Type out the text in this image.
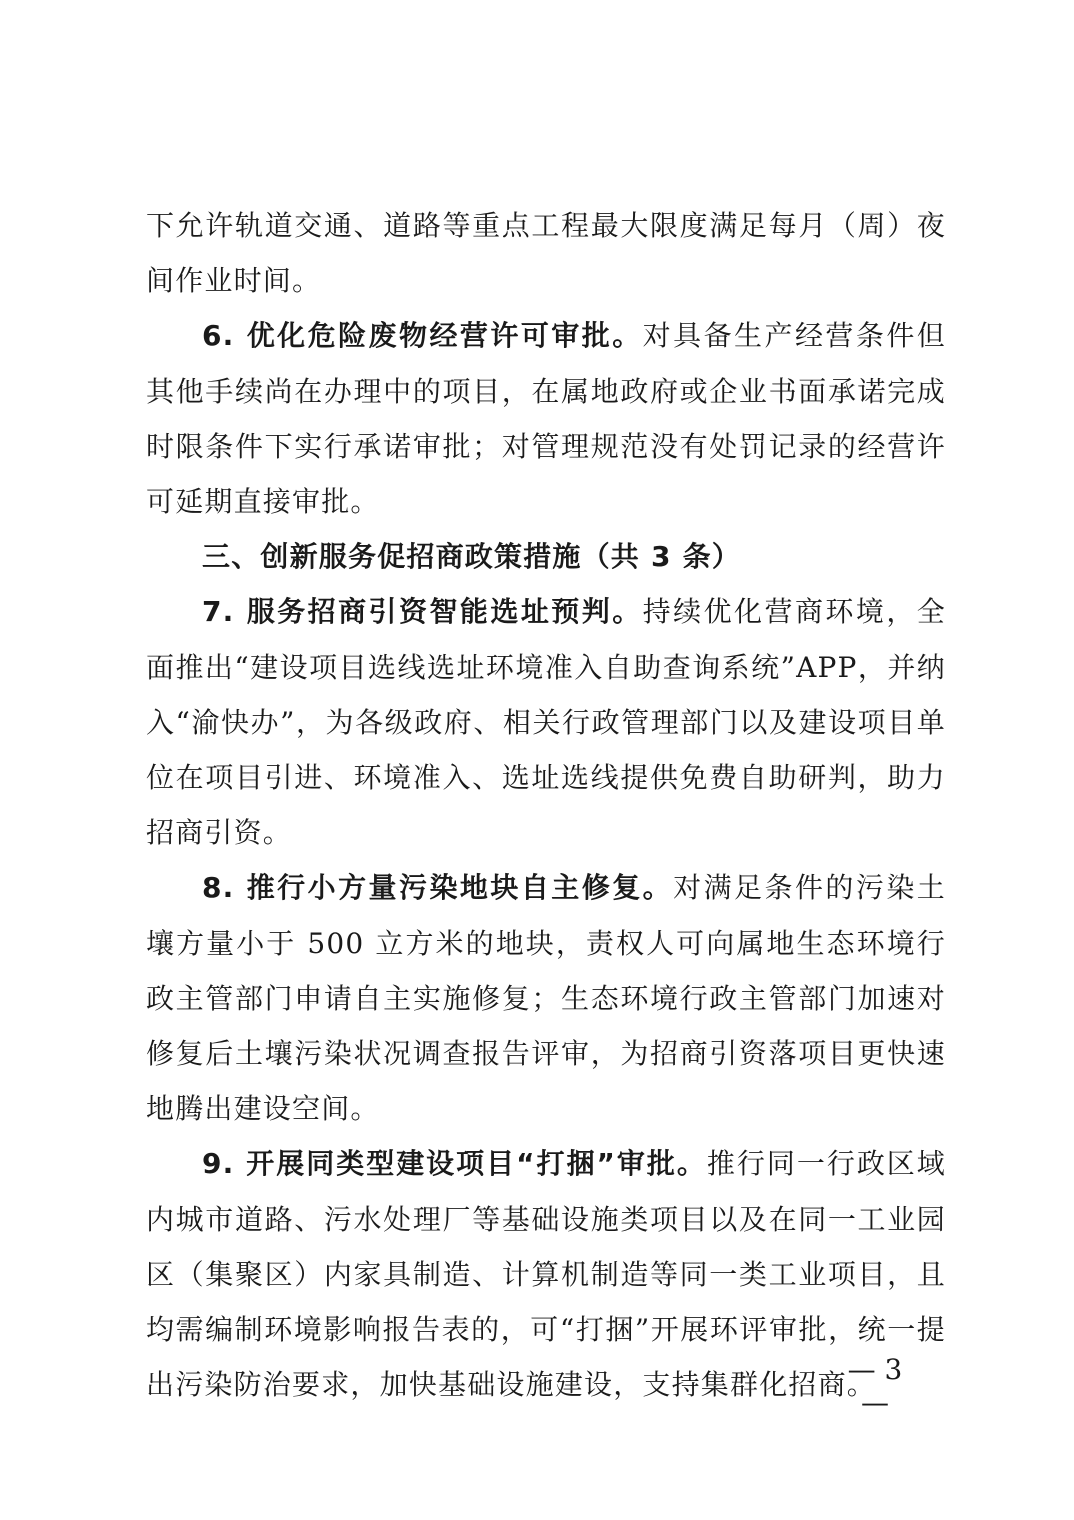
下允许轨道交通、道路等重点工程最大限度满足每月（周）夜间作业时间。

6. 优化危险废物经营许可审批。对具备生产经营条件但其他手续尚在办理中的项目，在属地政府或企业书面承诺完成时限条件下实行承诺审批；对管理规范没有处罚记录的经营许可延期直接审批。

三、创新服务促招商政策措施（共 3 条）

7. 服务招商引资智能选址预判。持续优化营商环境，全面推出“建设项目选线选址环境准入自助查询系统”APP，并纳入“渝快办”，为各级政府、相关行政管理部门以及建设项目单位在项目引进、环境准入、选址选线提供免费自助研判，助力招商引资。

8. 推行小方量污染地块自主修复。对满足条件的污染土壤方量小于 500 立方米的地块，责权人可向属地生态环境行政主管部门申请自主实施修复；生态环境行政主管部门加速对修复后土壤污染状况调查报告评审，为招商引资落项目更快速地腾出建设空间。

9. 开展同类型建设项目“打捆”审批。推行同一行政区域内城市道路、污水处理厂等基础设施类项目以及在同一工业园区（集聚区）内家具制造、计算机制造等同一类工业项目，且均需编制环境影响报告表的，可“打捆”开展环评审批，统一提出污染防治要求，加快基础设施建设，支持集群化招商。

— 3 —
